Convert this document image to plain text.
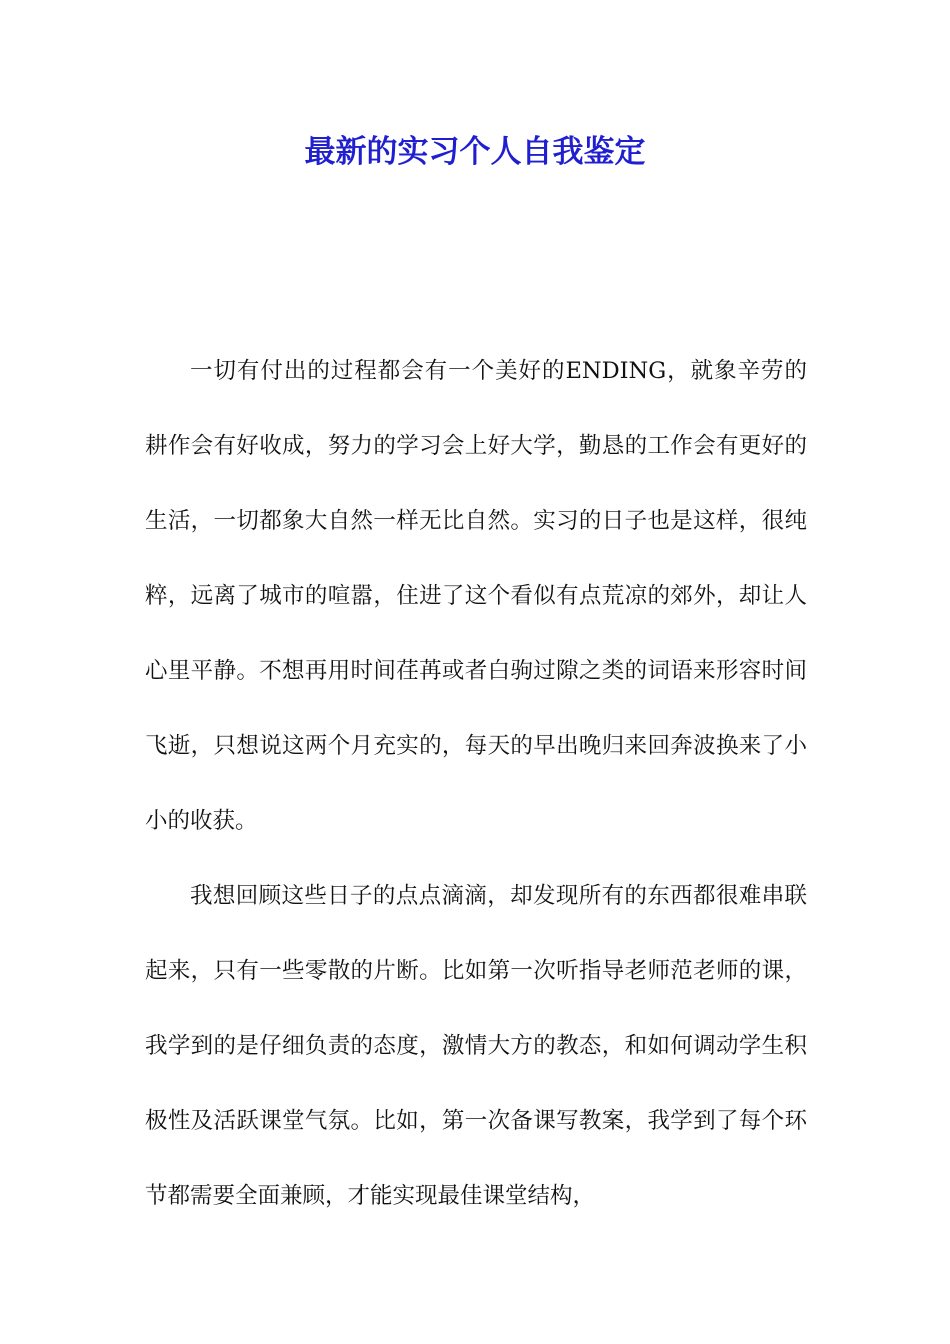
最新的实习个人自我鉴定

一切有付出的过程都会有一个美好的ENDING，就象辛劳的耕作会有好收成，努力的学习会上好大学，勤恳的工作会有更好的生活，一切都象大自然一样无比自然。实习的日子也是这样，很纯粹，远离了城市的喧嚣，住进了这个看似有点荒凉的郊外，却让人心里平静。不想再用时间荏苒或者白驹过隙之类的词语来形容时间飞逝，只想说这两个月充实的，每天的早出晚归来回奔波换来了小小的收获。

我想回顾这些日子的点点滴滴，却发现所有的东西都很难串联起来，只有一些零散的片断。比如第一次听指导老师范老师的课，我学到的是仔细负责的态度，激情大方的教态，和如何调动学生积极性及活跃课堂气氛。比如，第一次备课写教案，我学到了每个环节都需要全面兼顾，才能实现最佳课堂结构，
